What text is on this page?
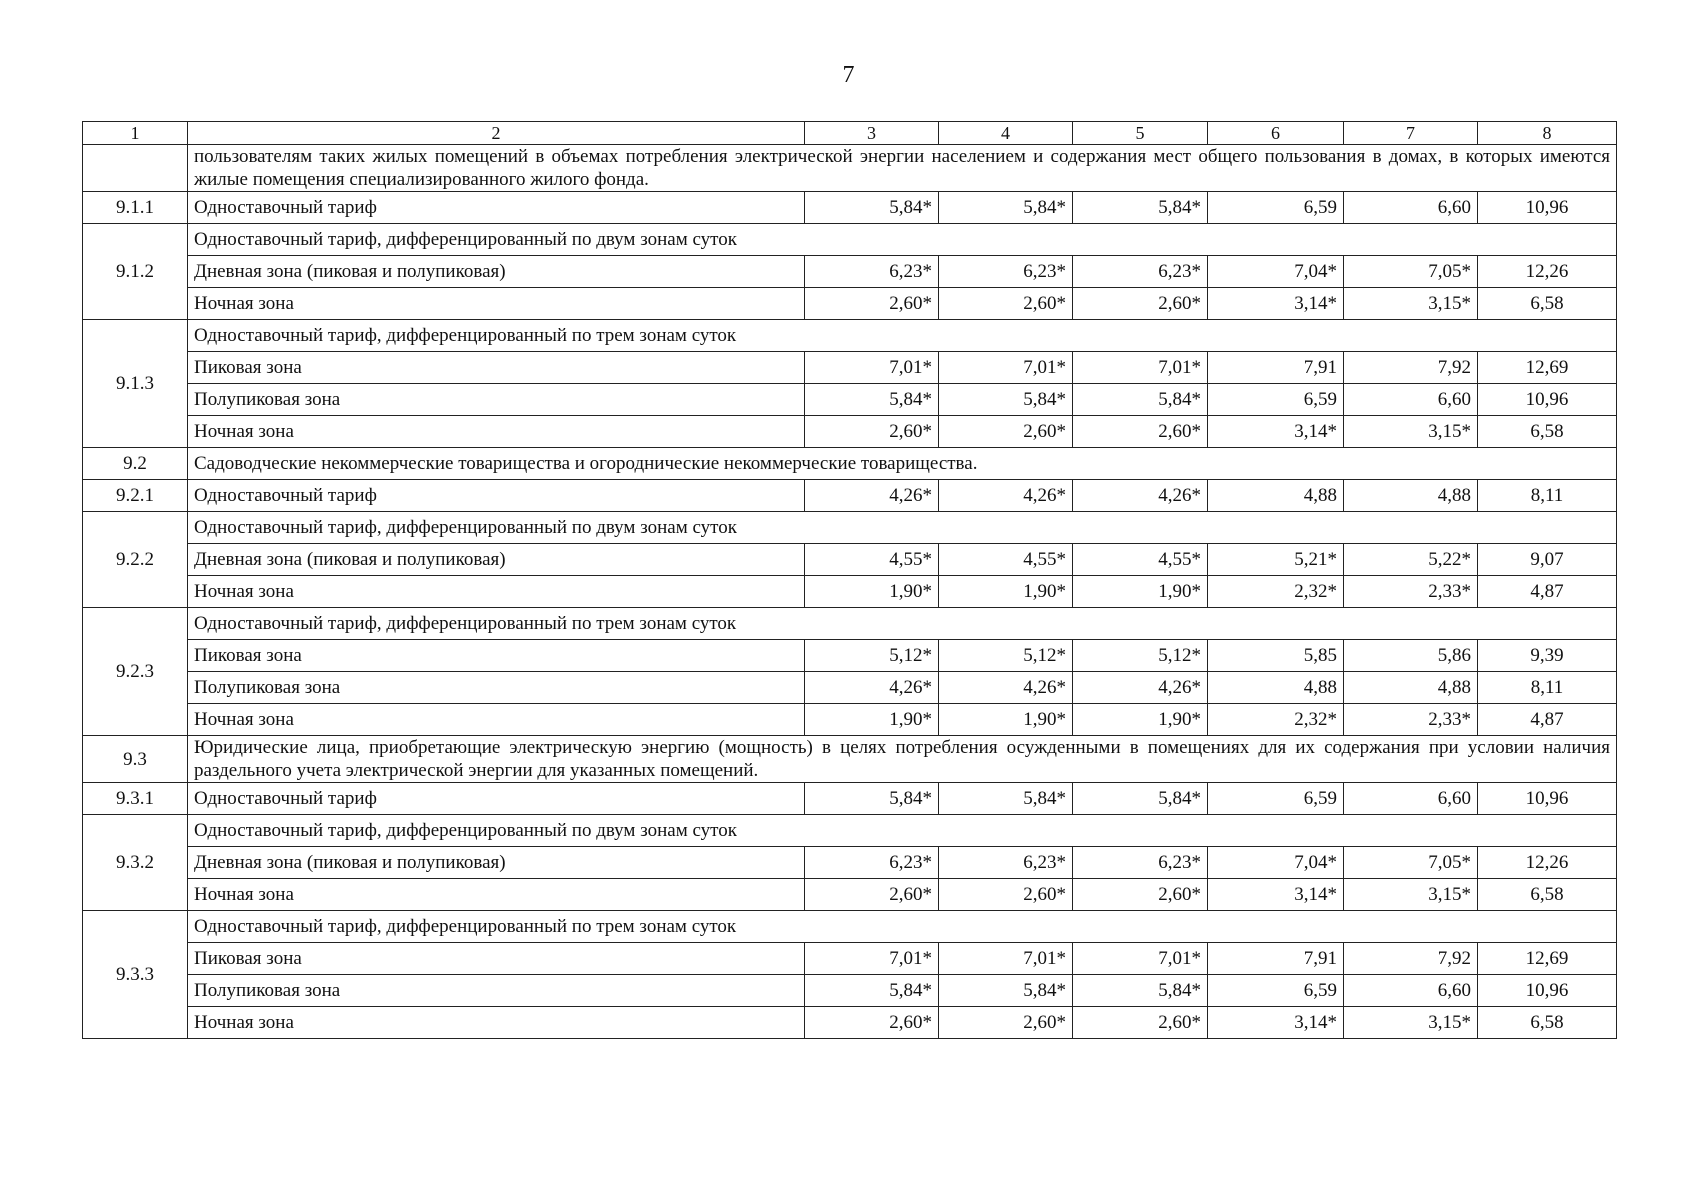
7
1	2	3	4	5	6	7	8
	пользователям таких жилых помещений в объемах потребления электрической энергии населением и содержания мест общего пользования в домах, в которых имеются жилые помещения специализированного жилого фонда.						
9.1.1	Одноставочный тариф	5,84*	5,84*	5,84*	6,59	6,60	10,96
9.1.2	Одноставочный тариф, дифференцированный по двум зонам суток						
	Дневная зона (пиковая и полупиковая)	6,23*	6,23*	6,23*	7,04*	7,05*	12,26
	Ночная зона	2,60*	2,60*	2,60*	3,14*	3,15*	6,58
9.1.3	Одноставочный тариф, дифференцированный по трем зонам суток						
	Пиковая зона	7,01*	7,01*	7,01*	7,91	7,92	12,69
	Полупиковая зона	5,84*	5,84*	5,84*	6,59	6,60	10,96
	Ночная зона	2,60*	2,60*	2,60*	3,14*	3,15*	6,58
9.2	Садоводческие некоммерческие товарищества и огороднические некоммерческие товарищества.						
9.2.1	Одноставочный тариф	4,26*	4,26*	4,26*	4,88	4,88	8,11
9.2.2	Одноставочный тариф, дифференцированный по двум зонам суток						
	Дневная зона (пиковая и полупиковая)	4,55*	4,55*	4,55*	5,21*	5,22*	9,07
	Ночная зона	1,90*	1,90*	1,90*	2,32*	2,33*	4,87
9.2.3	Одноставочный тариф, дифференцированный по трем зонам суток						
	Пиковая зона	5,12*	5,12*	5,12*	5,85	5,86	9,39
	Полупиковая зона	4,26*	4,26*	4,26*	4,88	4,88	8,11
	Ночная зона	1,90*	1,90*	1,90*	2,32*	2,33*	4,87
9.3	Юридические лица, приобретающие электрическую энергию (мощность) в целях потребления осужденными в помещениях для их содержания при условии наличия раздельного учета электрической энергии для указанных помещений.						
9.3.1	Одноставочный тариф	5,84*	5,84*	5,84*	6,59	6,60	10,96
9.3.2	Одноставочный тариф, дифференцированный по двум зонам суток						
	Дневная зона (пиковая и полупиковая)	6,23*	6,23*	6,23*	7,04*	7,05*	12,26
	Ночная зона	2,60*	2,60*	2,60*	3,14*	3,15*	6,58
9.3.3	Одноставочный тариф, дифференцированный по трем зонам суток						
	Пиковая зона	7,01*	7,01*	7,01*	7,91	7,92	12,69
	Полупиковая зона	5,84*	5,84*	5,84*	6,59	6,60	10,96
	Ночная зона	2,60*	2,60*	2,60*	3,14*	3,15*	6,58
